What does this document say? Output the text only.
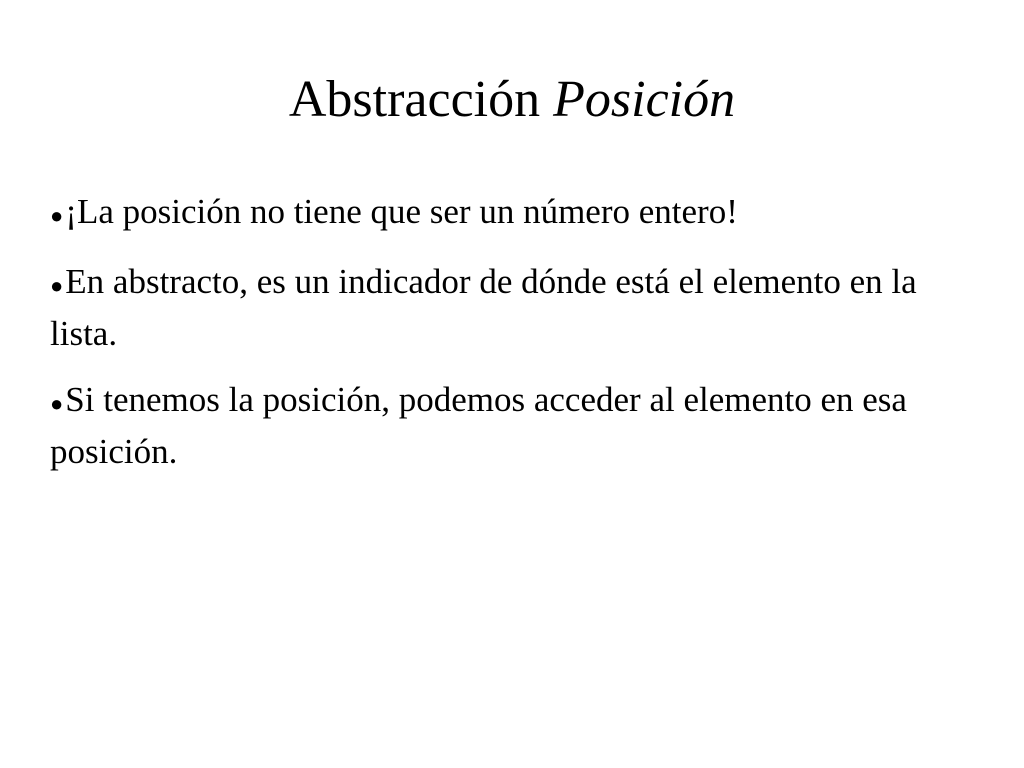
Abstracción Posición
●¡La posición no tiene que ser un número entero!
●En abstracto, es un indicador de dónde está el elemento en la lista.
●Si tenemos la posición, podemos acceder al elemento en esa posición.
